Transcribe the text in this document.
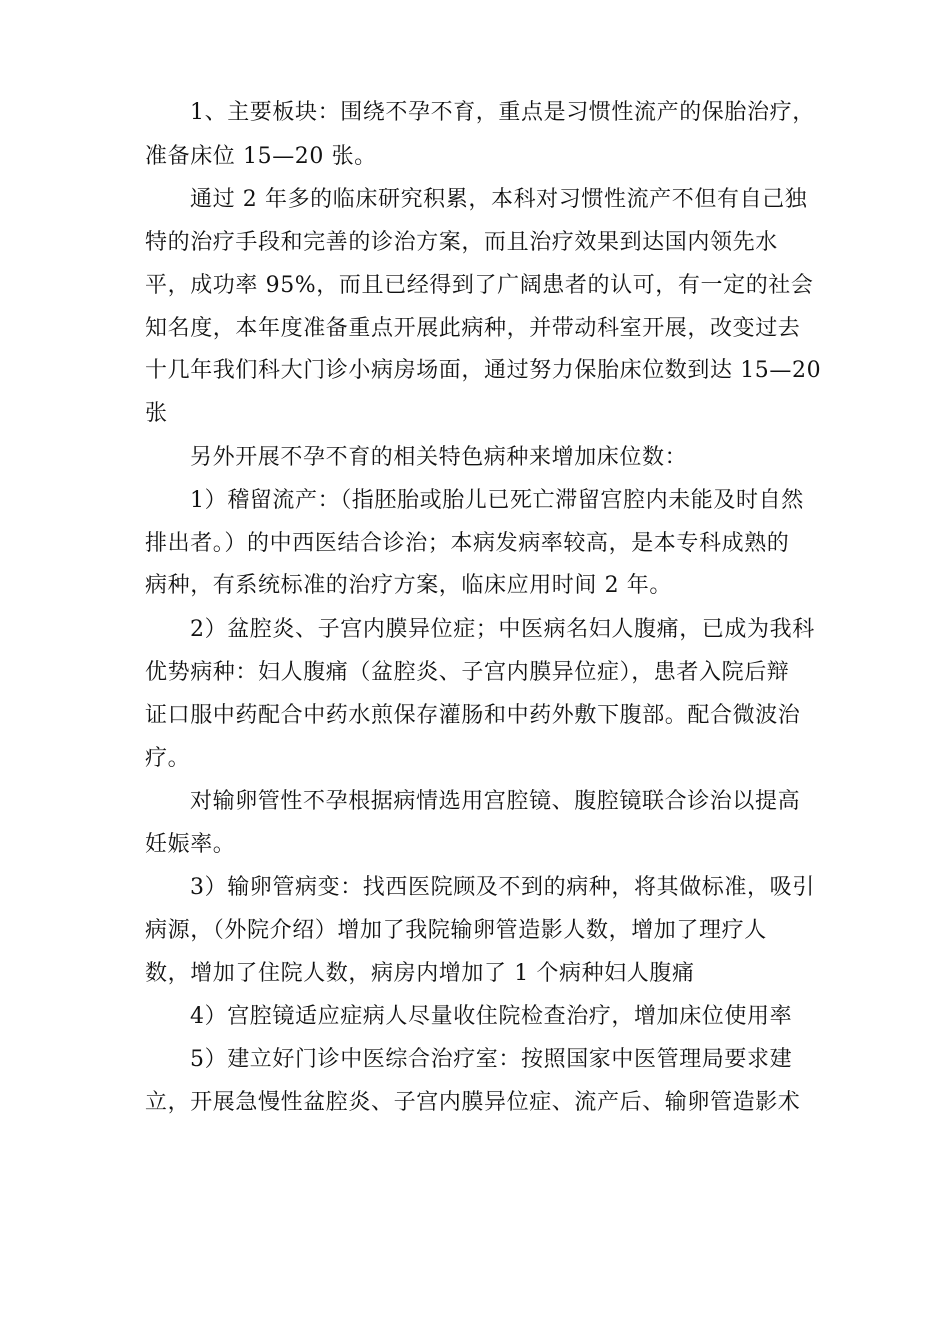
1、主要板块：围绕不孕不育，重点是习惯性流产的保胎治疗，
准备床位 15—20 张。
通过 2 年多的临床研究积累，本科对习惯性流产不但有自己独
特的治疗手段和完善的诊治方案，而且治疗效果到达国内领先水
平，成功率 95%，而且已经得到了广阔患者的认可，有一定的社会
知名度，本年度准备重点开展此病种，并带动科室开展，改变过去
十几年我们科大门诊小病房场面，通过努力保胎床位数到达 15—20
张
另外开展不孕不育的相关特色病种来增加床位数：
1）稽留流产：（指胚胎或胎儿已死亡滞留宫腔内未能及时自然
排出者。）的中西医结合诊治；本病发病率较高，是本专科成熟的
病种，有系统标准的治疗方案，临床应用时间 2 年。
2）盆腔炎、子宫内膜异位症；中医病名妇人腹痛，已成为我科
优势病种：妇人腹痛（盆腔炎、子宫内膜异位症），患者入院后辩
证口服中药配合中药水煎保存灌肠和中药外敷下腹部。配合微波治
疗。
对输卵管性不孕根据病情选用宫腔镜、腹腔镜联合诊治以提高
妊娠率。
3）输卵管病变：找西医院顾及不到的病种，将其做标准，吸引
病源，（外院介绍）增加了我院输卵管造影人数，增加了理疗人
数，增加了住院人数，病房内增加了 1 个病种妇人腹痛
4）宫腔镜适应症病人尽量收住院检查治疗，增加床位使用率
5）建立好门诊中医综合治疗室：按照国家中医管理局要求建
立，开展急慢性盆腔炎、子宫内膜异位症、流产后、输卵管造影术
